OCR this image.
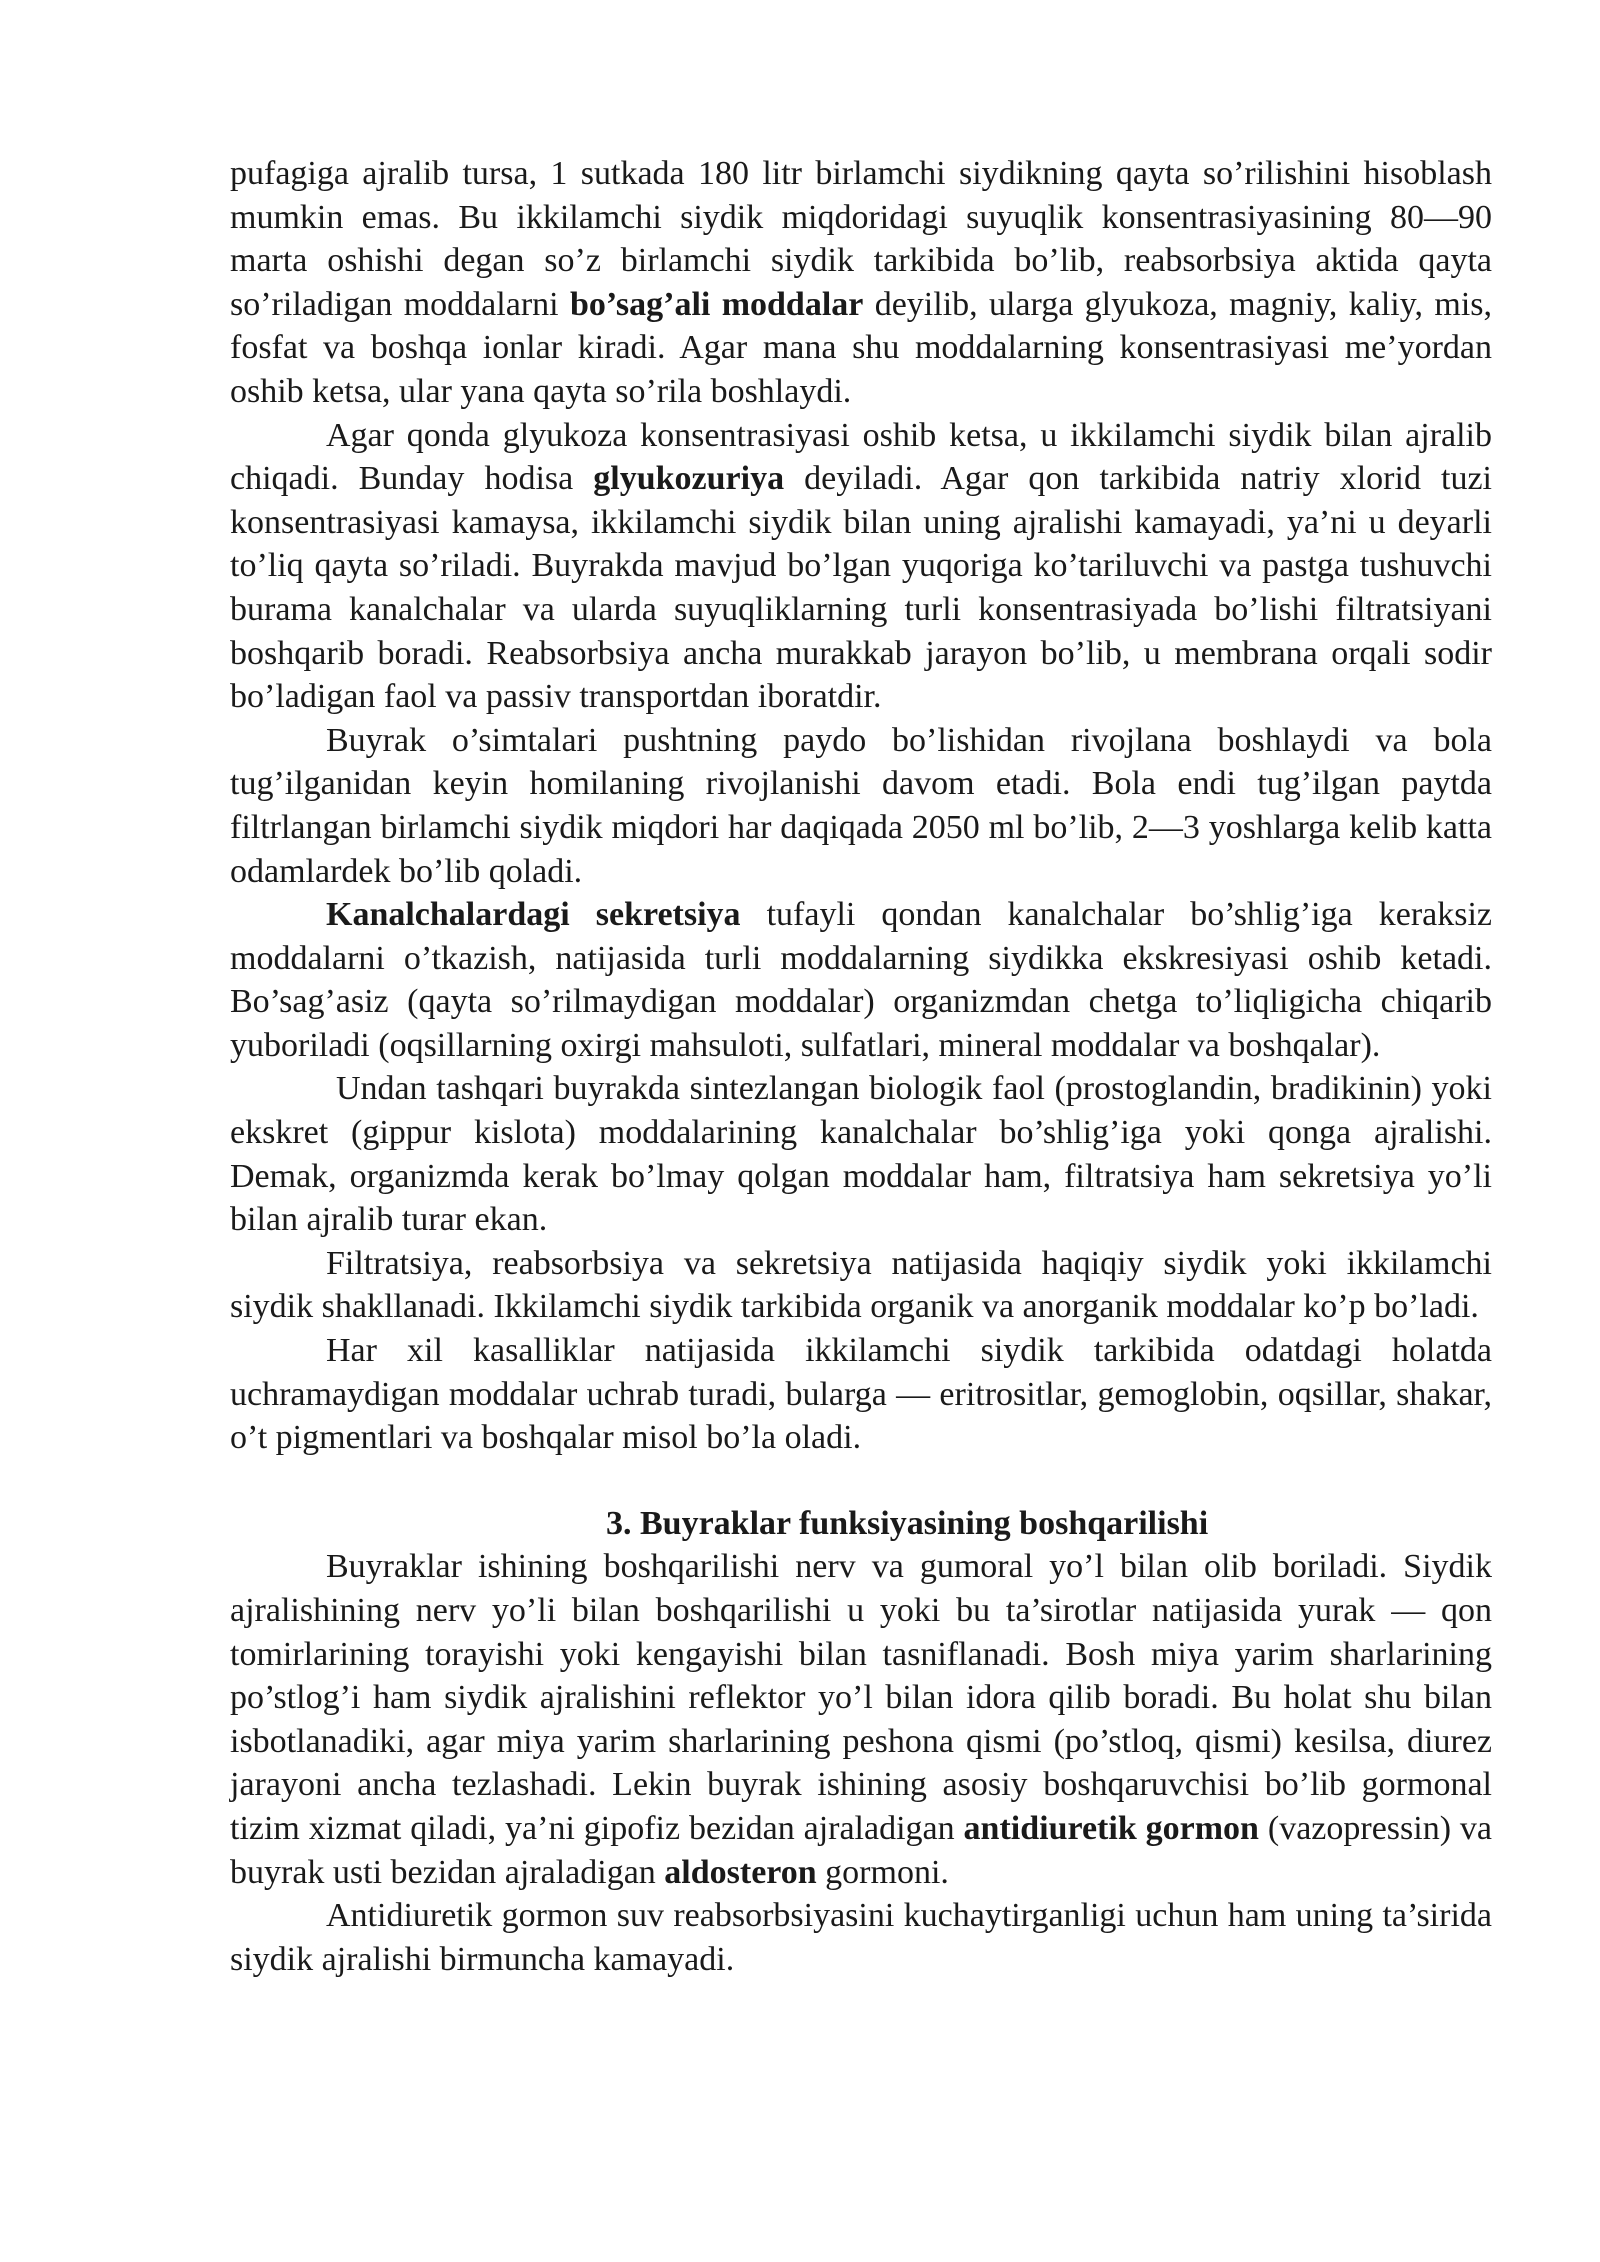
pufagiga ajralib tursa, 1 sutkada 180 litr birlamchi siydikning qayta so’rilishini hisoblash mumkin emas. Bu ikkilamchi siydik miqdoridagi suyuqlik konsentrasiyasining 80—90 marta oshishi degan so’z birlamchi siydik tarkibida bo’lib, reabsorbsiya aktida qayta so’riladigan moddalarni bo’sag’ali moddalar deyilib, ularga glyukoza, magniy, kaliy, mis, fosfat va boshqa ionlar kiradi. Agar mana shu moddalarning konsentrasiyasi me’yordan oshib ketsa, ular yana qayta so’rila boshlaydi.

Agar qonda glyukoza konsentrasiyasi oshib ketsa, u ikkilamchi siydik bilan ajralib chiqadi. Bunday hodisa glyukozuriya deyiladi. Agar qon tarkibida natriy xlorid tuzi konsentrasiyasi kamaysa, ikkilamchi siydik bilan uning ajralishi kamayadi, ya’ni u deyarli to’liq qayta so’riladi. Buyrakda mavjud bo’lgan yuqoriga ko’tariluvchi va pastga tushuvchi burama kanalchalar va ularda suyuqliklarning turli konsentrasiyada bo’lishi filtratsiyani boshqarib boradi. Reabsorbsiya ancha murakkab jarayon bo’lib, u membrana orqali sodir bo’ladigan faol va passiv transportdan iboratdir.

Buyrak o’simtalari pushtning paydo bo’lishidan rivojlana boshlaydi va bola tug’ilganidan keyin homilaning rivojlanishi davom etadi. Bola endi tug’ilgan paytda filtrlangan birlamchi siydik miqdori har daqiqada 2050 ml bo’lib, 2—3 yoshlarga kelib katta odamlardek bo’lib qoladi.

Kanalchalardagi sekretsiya tufayli qondan kanalchalar bo’shlig’iga keraksiz moddalarni o’tkazish, natijasida turli moddalarning siydikka ekskresiyasi oshib ketadi. Bo’sag’asiz (qayta so’rilmaydigan moddalar) organizmdan chetga to’liqligicha chiqarib yuboriladi (oqsillarning oxirgi mahsuloti, sulfatlari, mineral moddalar va boshqalar).

Undan tashqari buyrakda sintezlangan biologik faol (prostoglandin, bradikinin) yoki ekskret (gippur kislota) moddalarining kanalchalar bo’shlig’iga yoki qonga ajralishi. Demak, organizmda kerak bo’lmay qolgan moddalar ham, filtratsiya ham sekretsiya yo’li bilan ajralib turar ekan.

Filtratsiya, reabsorbsiya va sekretsiya natijasida haqiqiy siydik yoki ikkilamchi siydik shakllanadi. Ikkilamchi siydik tarkibida organik va anorganik moddalar ko’p bo’ladi.

Har xil kasalliklar natijasida ikkilamchi siydik tarkibida odatdagi holatda uchramaydigan moddalar uchrab turadi, bularga — eritrositlar, gemoglobin, oqsillar, shakar, o’t pigmentlari va boshqalar misol bo’la oladi.

3. Buyraklar funksiyasining boshqarilishi

Buyraklar ishining boshqarilishi nerv va gumoral yo’l bilan olib boriladi. Siydik ajralishining nerv yo’li bilan boshqarilishi u yoki bu ta’sirotlar natijasida yurak — qon tomirlarining torayishi yoki kengayishi bilan tasniflanadi. Bosh miya yarim sharlarining po’stlog’i ham siydik ajralishini reflektor yo’l bilan idora qilib boradi. Bu holat shu bilan isbotlanadiki, agar miya yarim sharlarining peshona qismi (po’stloq, qismi) kesilsa, diurez jarayoni ancha tezlashadi. Lekin buyrak ishining asosiy boshqaruvchisi bo’lib gormonal tizim xizmat qiladi, ya’ni gipofiz bezidan ajraladigan antidiuretik gormon (vazopressin) va buyrak usti bezidan ajraladigan aldosteron gormoni.

Antidiuretik gormon suv reabsorbsiyasini kuchaytirganligi uchun ham uning ta’sirida siydik ajralishi birmuncha kamayadi.
